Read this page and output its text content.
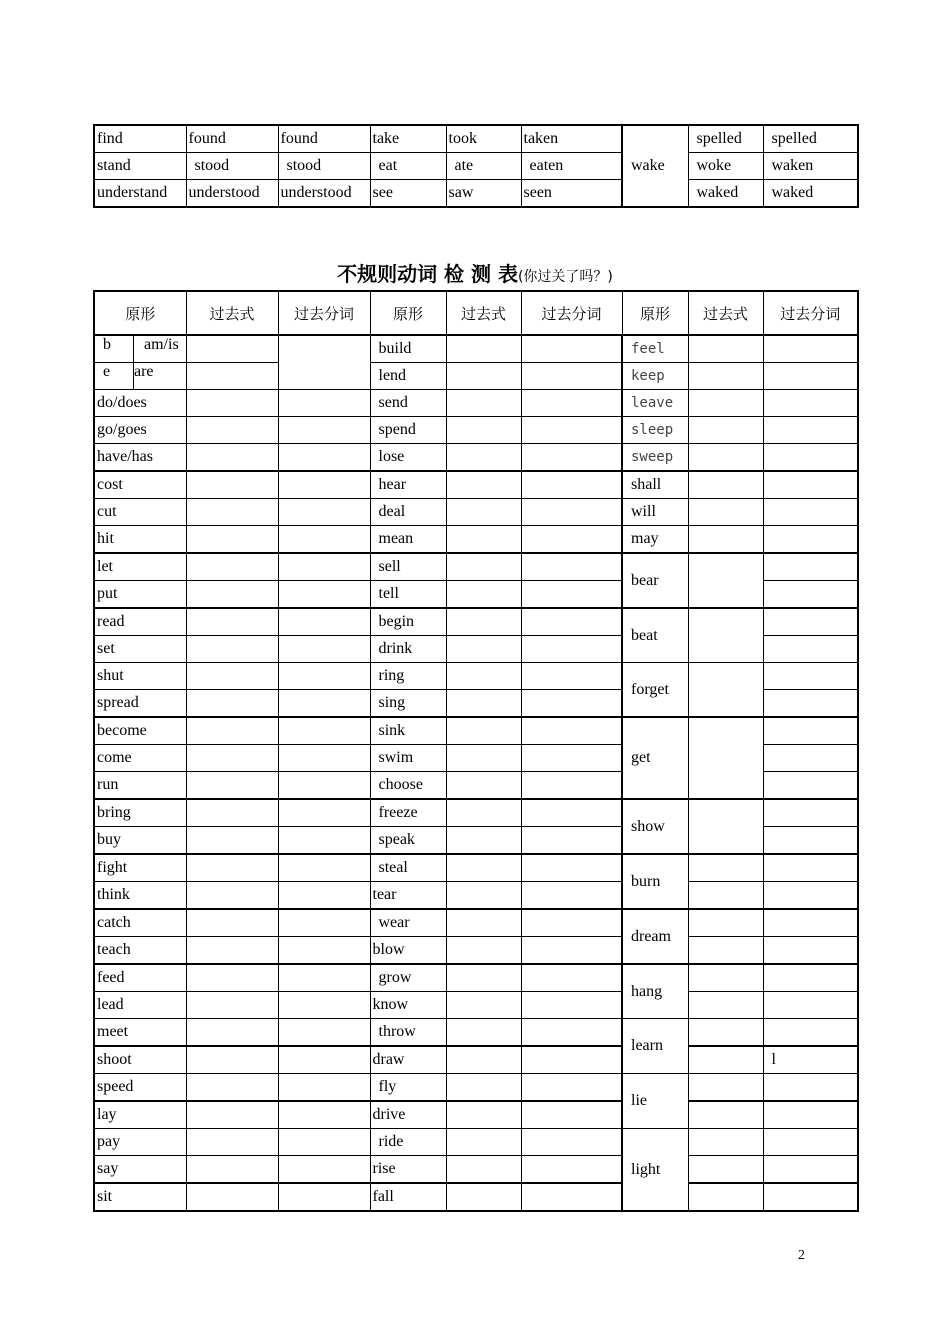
find	found	found	take	took	taken	wake	spelled	spelled
stand	stood	stood	eat	ate	eaten		woke	waken
understand	understood	understood	see	saw	seen		waked	waked
不规则动词 检 测 表(你过关了吗？)
原形	过去式	过去分词	原形	过去式	过去分词	原形	过去式	过去分词

b am/is			build			feel		

e are			lend			keep		
do/does			send			leave		
go/goes			spend			sleep		
have/has			lose			sweep		
cost			hear			shall		
cut			deal			will		
hit			mean			may		
let			sell			bear		
put			tell					
read			begin			beat		
set			drink					
shut			ring			forget		
spread			sing					
become			sink			get		
come			swim					
run			choose					
bring			freeze			show		
buy			speak					
fight			steal			burn		
think			tear					
catch			wear			dream		
teach			blow					
feed			grow			hang		
lead			know					
meet			throw			learn		
shoot			draw					l
speed			fly			lie		
lay			drive					
pay			ride			light		
say			rise					
sit			fall					
2
